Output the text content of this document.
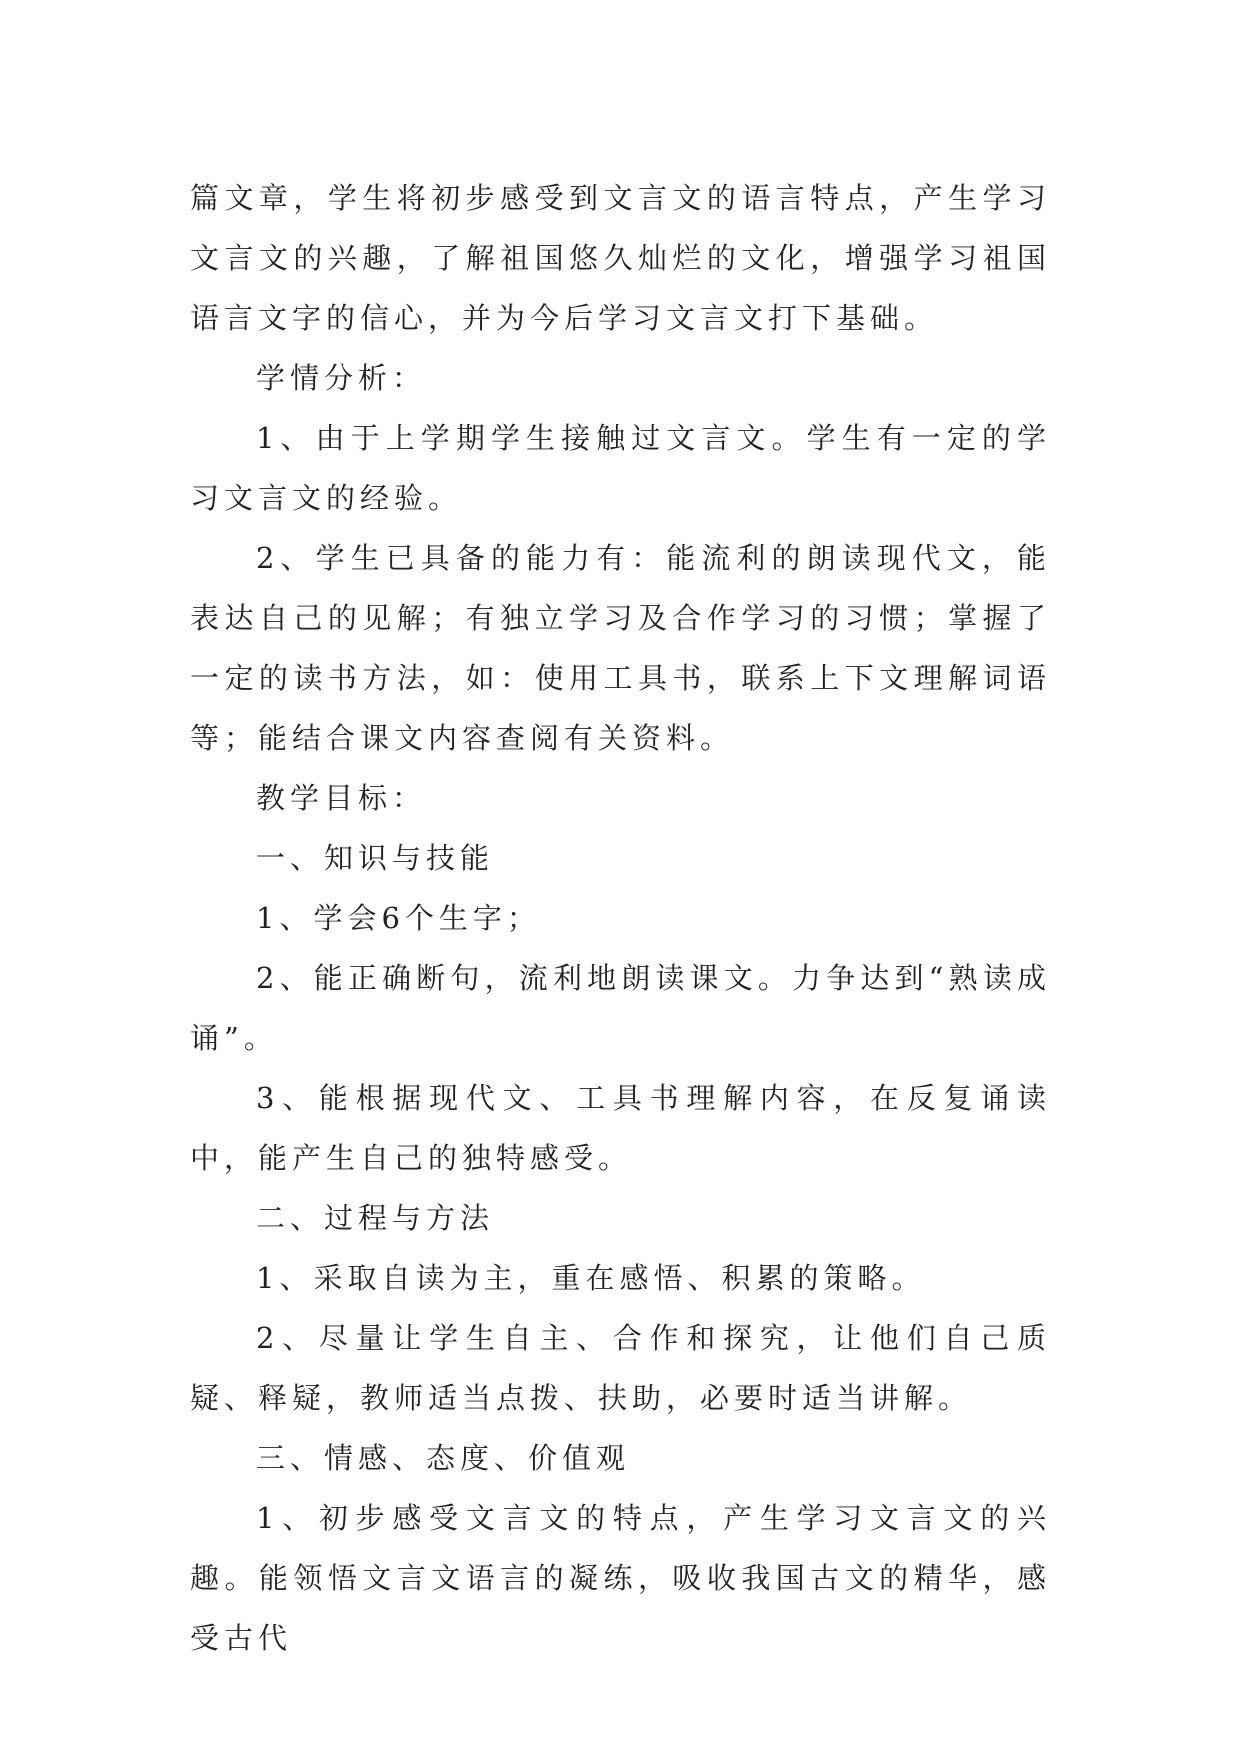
篇文章，学生将初步感受到文言文的语言特点，产生学习文言文的兴趣，了解祖国悠久灿烂的文化，增强学习祖国语言文字的信心，并为今后学习文言文打下基础。

学情分析：

1、由于上学期学生接触过文言文。学生有一定的学习文言文的经验。

2、学生已具备的能力有：能流利的朗读现代文，能表达自己的见解；有独立学习及合作学习的习惯；掌握了一定的读书方法，如：使用工具书，联系上下文理解词语等；能结合课文内容查阅有关资料。

教学目标：

一、知识与技能

1、学会6个生字；

2、能正确断句，流利地朗读课文。力争达到“熟读成诵”。

3、能根据现代文、工具书理解内容，在反复诵读中，能产生自己的独特感受。

二、过程与方法

1、采取自读为主，重在感悟、积累的策略。

2、尽量让学生自主、合作和探究，让他们自己质疑、释疑，教师适当点拨、扶助，必要时适当讲解。

三、情感、态度、价值观

1、初步感受文言文的特点，产生学习文言文的兴趣。能领悟文言文语言的凝练，吸收我国古文的精华，感受古代
